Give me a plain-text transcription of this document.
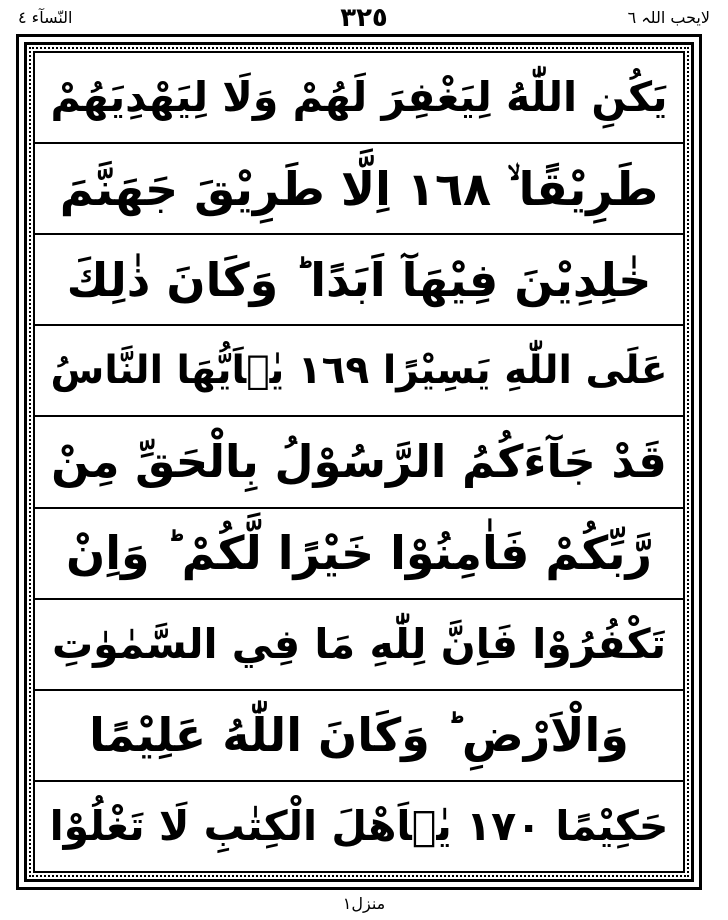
لایحب اللہ ٦
٣٢٥
النّسآء ٤
يَكُنِ اللّٰهُ لِيَغْفِرَ لَهُمْ وَلَا لِيَهْدِيَهُمْ
طَرِيْقًا ۙ ١٦٨ اِلَّا طَرِيْقَ جَهَنَّمَ
خٰلِدِيْنَ فِيْهَآ اَبَدًا ؕ وَكَانَ ذٰلِكَ
عَلَى اللّٰهِ يَسِيْرًا ١٦٩ يٰۤاَيُّهَا النَّاسُ
قَدْ جَآءَكُمُ الرَّسُوْلُ بِالْحَقِّ مِنْ
رَّبِّكُمْ فَاٰمِنُوْا خَيْرًا لَّكُمْ ؕ وَاِنْ
تَكْفُرُوْا فَاِنَّ لِلّٰهِ مَا فِي السَّمٰوٰتِ
وَالْاَرْضِ ؕ وَكَانَ اللّٰهُ عَلِيْمًا
حَكِيْمًا ١٧٠ يٰۤاَهْلَ الْكِتٰبِ لَا تَغْلُوْا
منزل١
